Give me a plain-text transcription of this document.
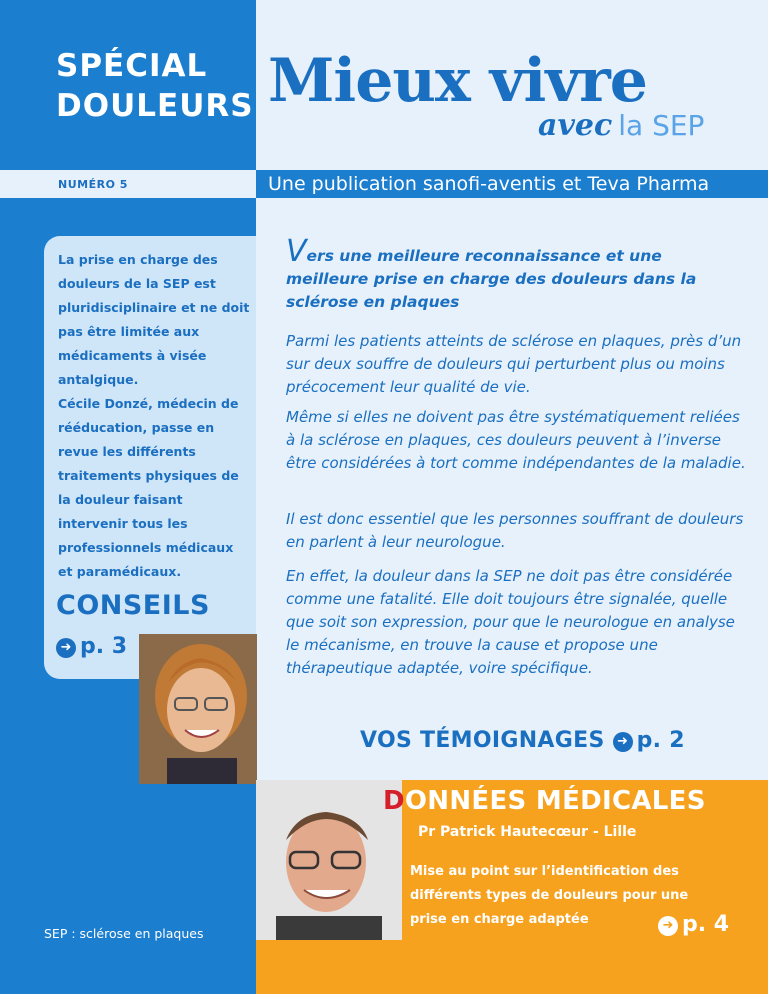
SPÉCIAL
DOULEURS
NUMÉRO 5	Une publication sanofi-aventis et Teva Pharma
Mieux vivre
avec la SEP

La prise en charge des douleurs de la SEP est pluridisciplinaire et ne doit pas être limitée aux médicaments à visée antalgique.

Cécile Donzé, médecin de rééducation, passe en revue les différents traitements physiques de la douleur faisant intervenir tous les professionnels médicaux et paramédicaux.

CONSEILS
➜ p. 3
Vers une meilleure reconnaissance et une meilleure prise en charge des douleurs dans la sclérose en plaques

Parmi les patients atteints de sclérose en plaques, près d’un sur deux souffre de douleurs qui perturbent plus ou moins précocement leur qualité de vie.

Même si elles ne doivent pas être systématiquement reliées à la sclérose en plaques, ces douleurs peuvent à l’inverse être considérées à tort comme indépendantes de la maladie.

Il est donc essentiel que les personnes souffrant de douleurs en parlent à leur neurologue.

En effet, la douleur dans la SEP ne doit pas être considérée comme une fatalité. Elle doit toujours être signalée, quelle que soit son expression, pour que le neurologue en analyse le mécanisme, en trouve la cause et propose une thérapeutique adaptée, voire spécifique.

VOS TÉMOIGNAGES ➜ p. 2
DONNÉES MÉDICALES
Pr Patrick Hautecœur - Lille
Mise au point sur l’identification des différents types de douleurs pour une prise en charge adaptée	➜ p. 4
SEP : sclérose en plaques
